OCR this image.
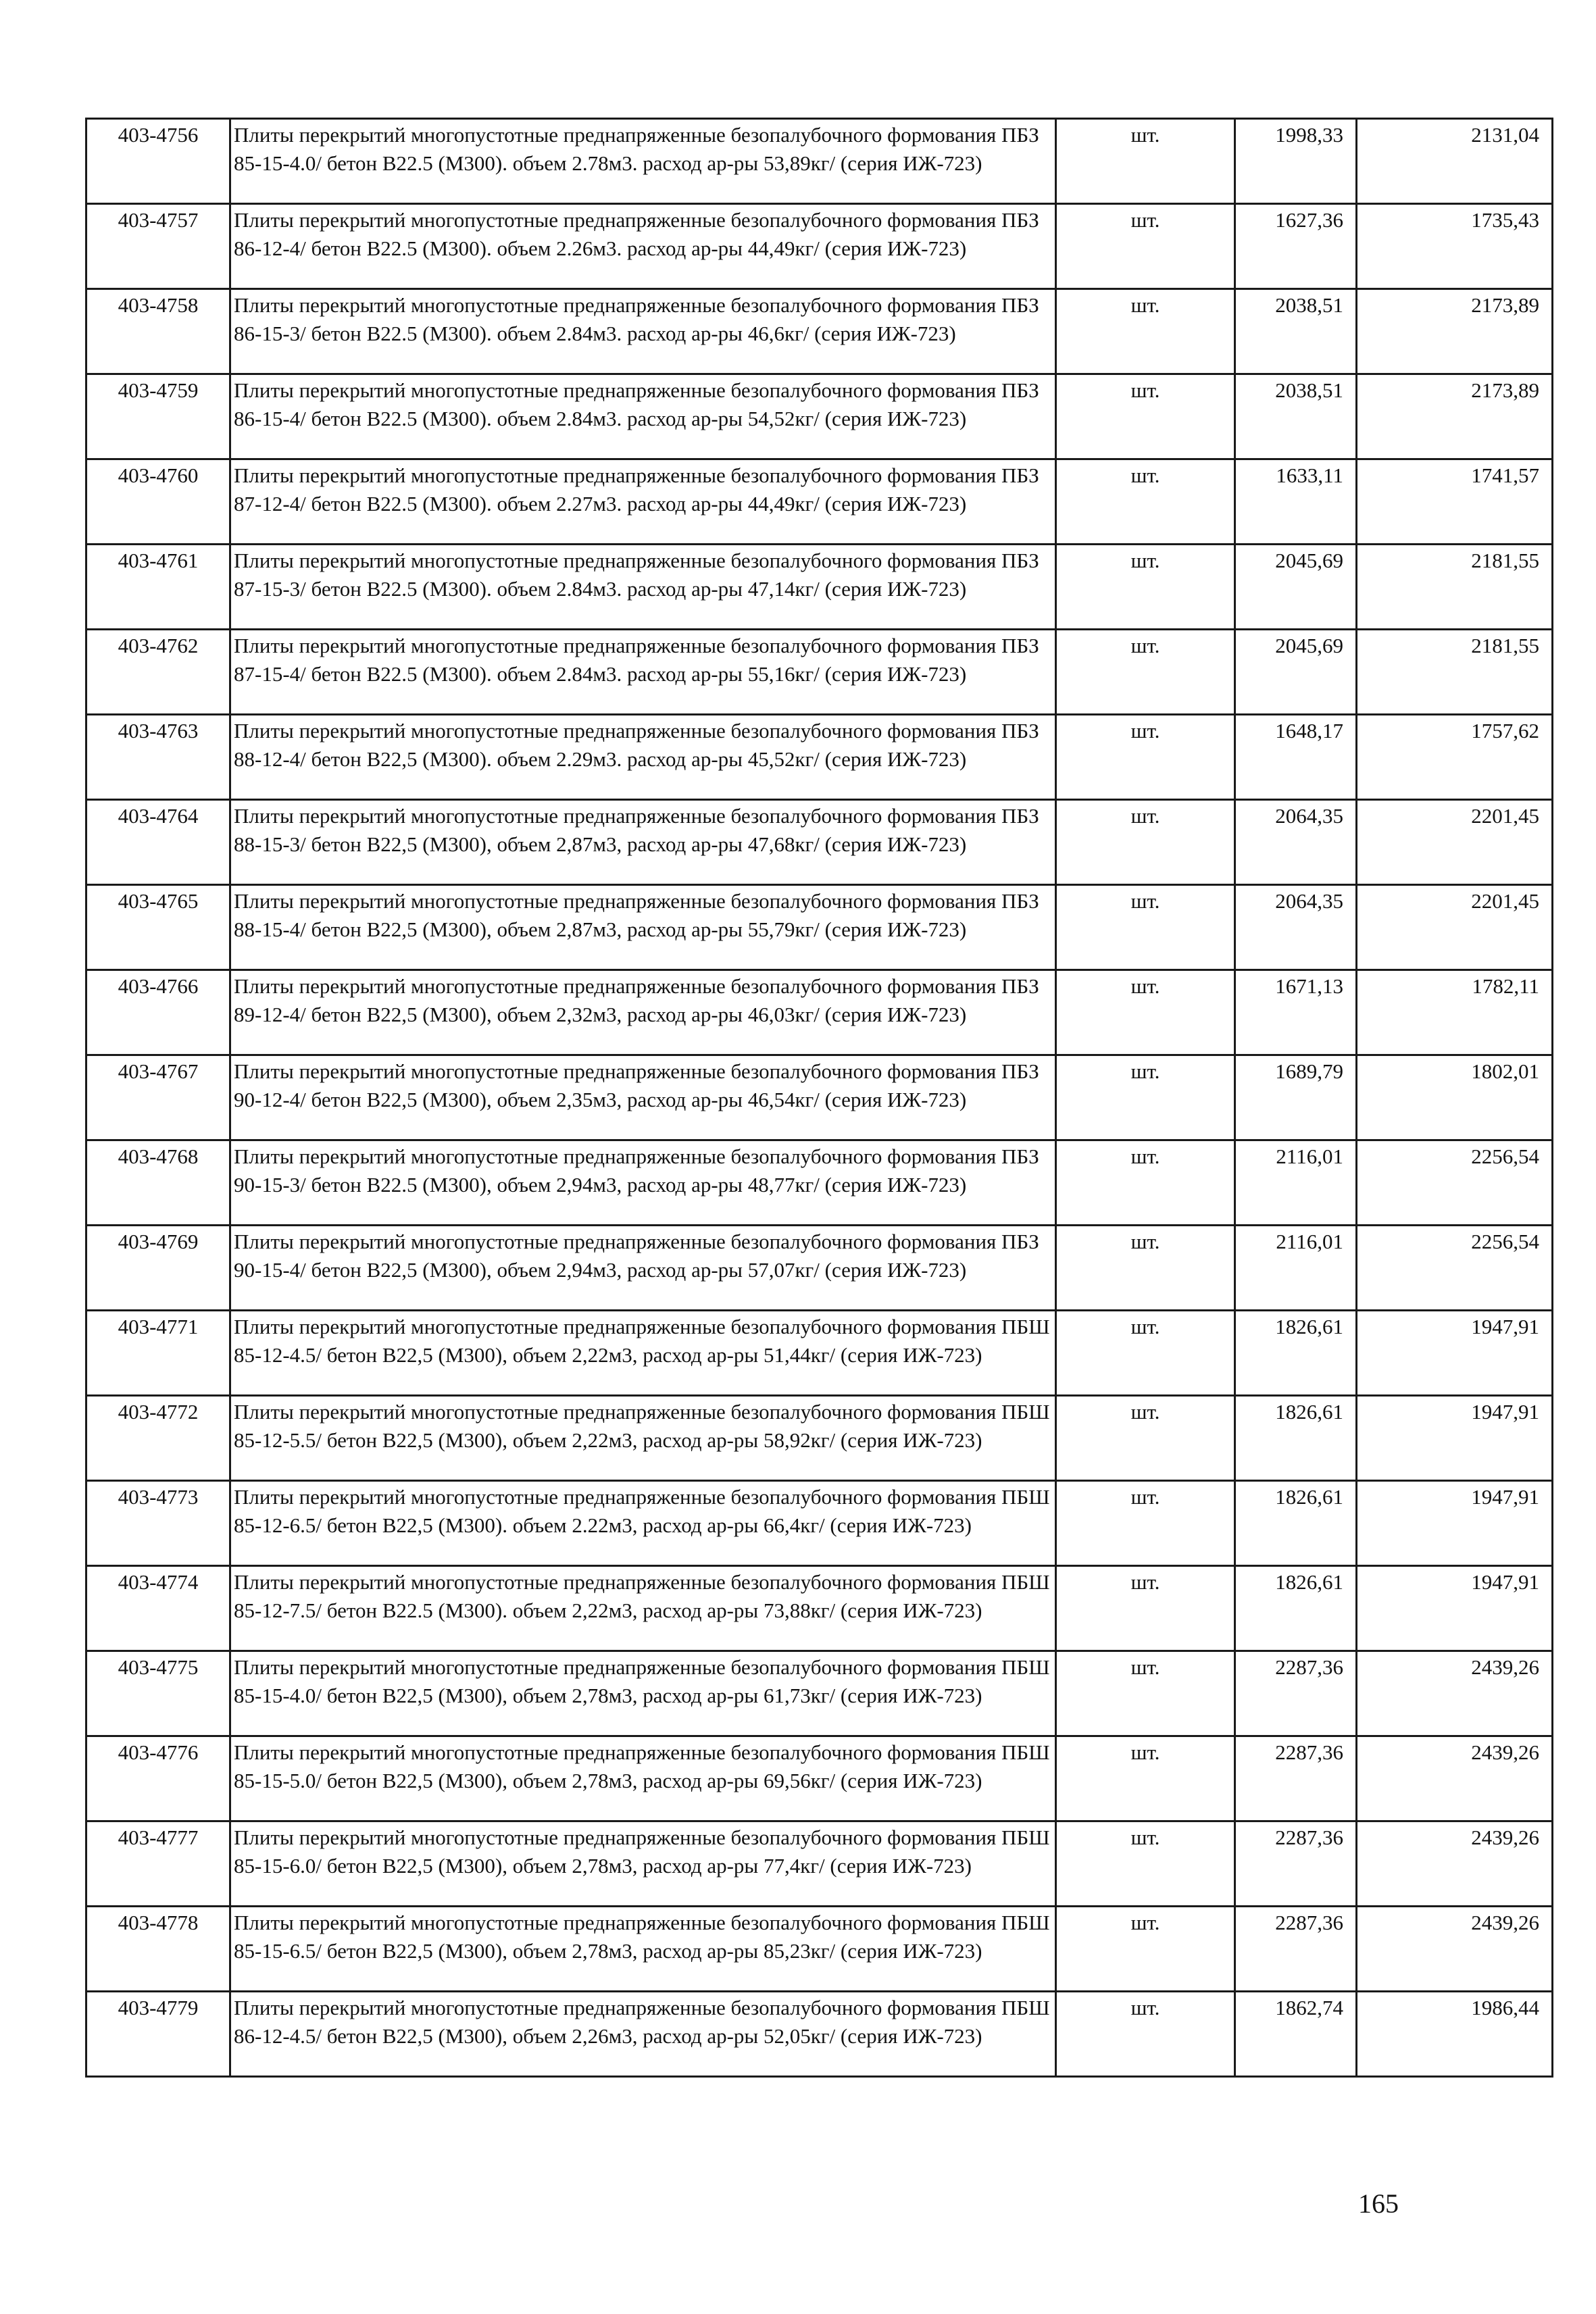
403-4756	Плиты перекрытий многопустотные преднапряженные безопалубочного формования ПБЗ 85-15-4.0/ бетон В22.5 (М300). объем 2.78м3. расход ар-ры 53,89кг/ (серия ИЖ-723)	шт.	1998,33	2131,04
403-4757	Плиты перекрытий многопустотные преднапряженные безопалубочного формования ПБЗ 86-12-4/ бетон В22.5 (М300). объем 2.26м3. расход ар-ры 44,49кг/ (серия ИЖ-723)	шт.	1627,36	1735,43
403-4758	Плиты перекрытий многопустотные преднапряженные безопалубочного формования ПБЗ 86-15-3/ бетон В22.5 (М300). объем 2.84м3. расход ар-ры 46,6кг/ (серия ИЖ-723)	шт.	2038,51	2173,89
403-4759	Плиты перекрытий многопустотные преднапряженные безопалубочного формования ПБЗ 86-15-4/ бетон В22.5 (М300). объем 2.84м3. расход ар-ры 54,52кг/ (серия ИЖ-723)	шт.	2038,51	2173,89
403-4760	Плиты перекрытий многопустотные преднапряженные безопалубочного формования ПБЗ 87-12-4/ бетон В22.5 (М300). объем 2.27м3. расход ар-ры 44,49кг/ (серия ИЖ-723)	шт.	1633,11	1741,57
403-4761	Плиты перекрытий многопустотные преднапряженные безопалубочного формования ПБЗ 87-15-3/ бетон В22.5 (М300). объем 2.84м3. расход ар-ры 47,14кг/ (серия ИЖ-723)	шт.	2045,69	2181,55
403-4762	Плиты перекрытий многопустотные преднапряженные безопалубочного формования ПБЗ 87-15-4/ бетон В22.5 (М300). объем 2.84м3. расход ар-ры 55,16кг/ (серия ИЖ-723)	шт.	2045,69	2181,55
403-4763	Плиты перекрытий многопустотные преднапряженные безопалубочного формования ПБЗ 88-12-4/ бетон В22,5 (М300). объем 2.29м3. расход ар-ры 45,52кг/ (серия ИЖ-723)	шт.	1648,17	1757,62
403-4764	Плиты перекрытий многопустотные преднапряженные безопалубочного формования ПБЗ 88-15-3/ бетон В22,5 (М300), объем 2,87м3, расход ар-ры 47,68кг/ (серия ИЖ-723)	шт.	2064,35	2201,45
403-4765	Плиты перекрытий многопустотные преднапряженные безопалубочного формования ПБЗ 88-15-4/ бетон В22,5 (М300), объем 2,87м3, расход ар-ры 55,79кг/ (серия ИЖ-723)	шт.	2064,35	2201,45
403-4766	Плиты перекрытий многопустотные преднапряженные безопалубочного формования ПБЗ 89-12-4/ бетон В22,5 (М300), объем 2,32м3, расход ар-ры 46,03кг/ (серия ИЖ-723)	шт.	1671,13	1782,11
403-4767	Плиты перекрытий многопустотные преднапряженные безопалубочного формования ПБЗ 90-12-4/ бетон В22,5 (М300), объем 2,35м3, расход ар-ры 46,54кг/ (серия ИЖ-723)	шт.	1689,79	1802,01
403-4768	Плиты перекрытий многопустотные преднапряженные безопалубочного формования ПБЗ 90-15-3/ бетон В22.5 (М300), объем 2,94м3, расход ар-ры 48,77кг/ (серия ИЖ-723)	шт.	2116,01	2256,54
403-4769	Плиты перекрытий многопустотные преднапряженные безопалубочного формования ПБЗ 90-15-4/ бетон В22,5 (М300), объем 2,94м3, расход ар-ры 57,07кг/ (серия ИЖ-723)	шт.	2116,01	2256,54
403-4771	Плиты перекрытий многопустотные преднапряженные безопалубочного формования ПБШ 85-12-4.5/ бетон В22,5 (М300), объем 2,22м3, расход ар-ры 51,44кг/ (серия ИЖ-723)	шт.	1826,61	1947,91
403-4772	Плиты перекрытий многопустотные преднапряженные безопалубочного формования ПБШ 85-12-5.5/ бетон В22,5 (М300), объем 2,22м3, расход ар-ры 58,92кг/ (серия ИЖ-723)	шт.	1826,61	1947,91
403-4773	Плиты перекрытий многопустотные преднапряженные безопалубочного формования ПБШ 85-12-6.5/ бетон В22,5 (М300). объем 2.22м3, расход ар-ры 66,4кг/ (серия ИЖ-723)	шт.	1826,61	1947,91
403-4774	Плиты перекрытий многопустотные преднапряженные безопалубочного формования ПБШ 85-12-7.5/ бетон В22.5 (М300). объем 2,22м3, расход ар-ры 73,88кг/ (серия ИЖ-723)	шт.	1826,61	1947,91
403-4775	Плиты перекрытий многопустотные преднапряженные безопалубочного формования ПБШ 85-15-4.0/ бетон В22,5 (М300), объем 2,78м3, расход ар-ры 61,73кг/ (серия ИЖ-723)	шт.	2287,36	2439,26
403-4776	Плиты перекрытий многопустотные преднапряженные безопалубочного формования ПБШ 85-15-5.0/ бетон В22,5 (М300), объем 2,78м3, расход ар-ры 69,56кг/ (серия ИЖ-723)	шт.	2287,36	2439,26
403-4777	Плиты перекрытий многопустотные преднапряженные безопалубочного формования ПБШ 85-15-6.0/ бетон В22,5 (М300), объем 2,78м3, расход ар-ры 77,4кг/ (серия ИЖ-723)	шт.	2287,36	2439,26
403-4778	Плиты перекрытий многопустотные преднапряженные безопалубочного формования ПБШ 85-15-6.5/ бетон В22,5 (М300), объем 2,78м3, расход ар-ры 85,23кг/ (серия ИЖ-723)	шт.	2287,36	2439,26
403-4779	Плиты перекрытий многопустотные преднапряженные безопалубочного формования ПБШ 86-12-4.5/ бетон В22,5 (М300), объем 2,26м3, расход ар-ры 52,05кг/ (серия ИЖ-723)	шт.	1862,74	1986,44
165
